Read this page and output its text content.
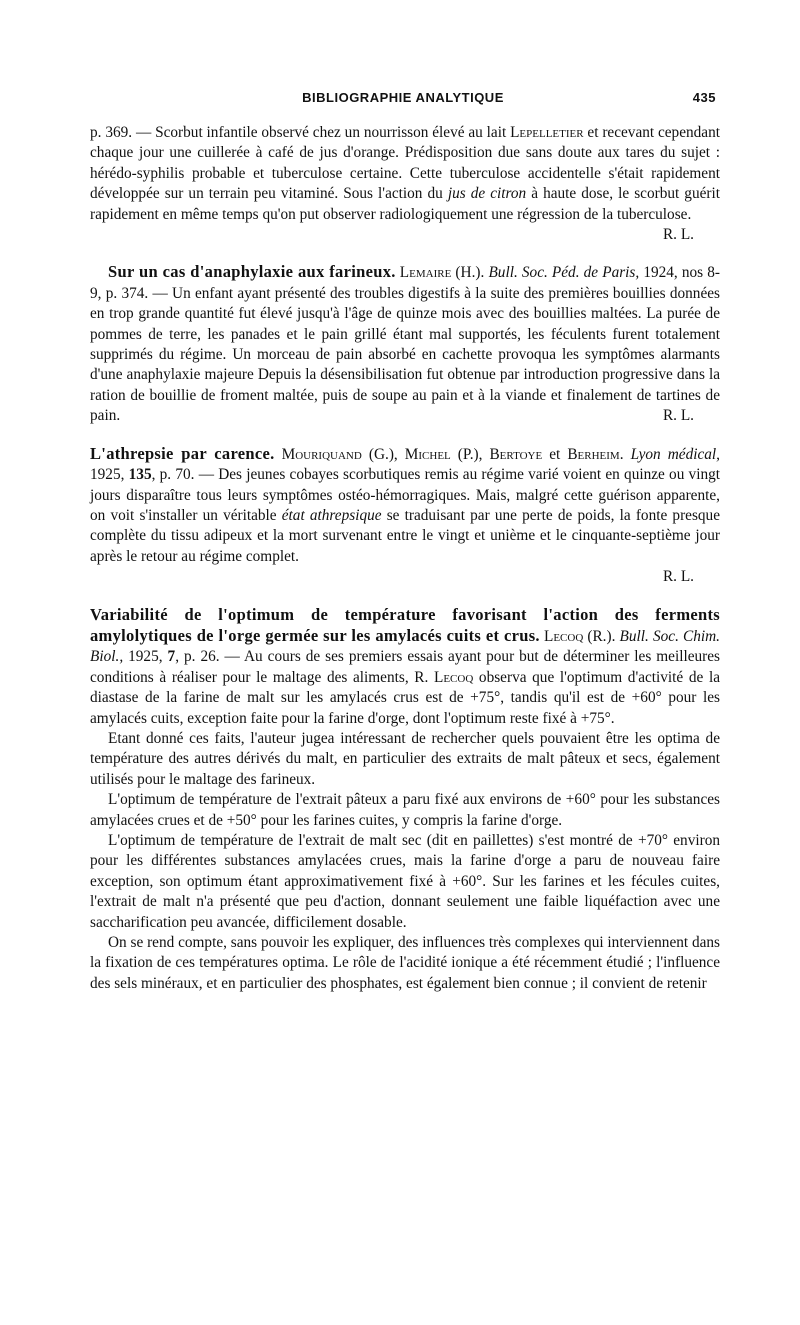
BIBLIOGRAPHIE ANALYTIQUE	435

p. 369. — Scorbut infantile observé chez un nourrisson élevé au lait Lepelletier et recevant cependant chaque jour une cuillerée à café de jus d'orange. Prédisposition due sans doute aux tares du sujet : hérédo-syphilis probable et tuberculose certaine. Cette tuberculose accidentelle s'était rapidement développée sur un terrain peu vitaminé. Sous l'action du jus de citron à haute dose, le scorbut guérit rapidement en même temps qu'on put observer radiologiquement une régression de la tuberculose.
R. L.

Sur un cas d'anaphylaxie aux farineux. Lemaire (H.). Bull. Soc. Péd. de Paris, 1924, nos 8-9, p. 374. — Un enfant ayant présenté des troubles digestifs à la suite des premières bouillies données en trop grande quantité fut élevé jusqu'à l'âge de quinze mois avec des bouillies maltées. La purée de pommes de terre, les panades et le pain grillé étant mal supportés, les féculents furent totalement supprimés du régime. Un morceau de pain absorbé en cachette provoqua les symptômes alarmants d'une anaphylaxie majeure Depuis la désensibilisation fut obtenue par introduction progressive dans la ration de bouillie de froment maltée, puis de soupe au pain et à la viande et finalement de tartines de pain.	R. L.

L'athrepsie par carence. Mouriquand (G.), Michel (P.), Bertoye et Berheim. Lyon médical, 1925, 135, p. 70. — Des jeunes cobayes scorbutiques remis au régime varié voient en quinze ou vingt jours disparaître tous leurs symptômes ostéo-hémorragiques. Mais, malgré cette guérison apparente, on voit s'installer un véritable état athrepsique se traduisant par une perte de poids, la fonte presque complète du tissu adipeux et la mort survenant entre le vingt et unième et le cinquante-septième jour après le retour au régime complet.

R. L.

Variabilité de l'optimum de température favorisant l'action des ferments amylolytiques de l'orge germée sur les amylacés cuits et crus. Lecoq (R.). Bull. Soc. Chim. Biol., 1925, 7, p. 26. — Au cours de ses premiers essais ayant pour but de déterminer les meilleures conditions à réaliser pour le maltage des aliments, R. Lecoq observa que l'optimum d'activité de la diastase de la farine de malt sur les amylacés crus est de +75°, tandis qu'il est de +60° pour les amylacés cuits, exception faite pour la farine d'orge, dont l'optimum reste fixé à +75°.

Etant donné ces faits, l'auteur jugea intéressant de rechercher quels pouvaient être les optima de température des autres dérivés du malt, en particulier des extraits de malt pâteux et secs, également utilisés pour le maltage des farineux.

L'optimum de température de l'extrait pâteux a paru fixé aux environs de +60° pour les substances amylacées crues et de +50° pour les farines cuites, y compris la farine d'orge.

L'optimum de température de l'extrait de malt sec (dit en paillettes) s'est montré de +70° environ pour les différentes substances amylacées crues, mais la farine d'orge a paru de nouveau faire exception, son optimum étant approximativement fixé à +60°. Sur les farines et les fécules cuites, l'extrait de malt n'a présenté que peu d'action, donnant seulement une faible liquéfaction avec une saccharification peu avancée, difficilement dosable.

On se rend compte, sans pouvoir les expliquer, des influences très complexes qui interviennent dans la fixation de ces températures optima. Le rôle de l'acidité ionique a été récemment étudié ; l'influence des sels minéraux, et en particulier des phosphates, est également bien connue ; il convient de retenir
